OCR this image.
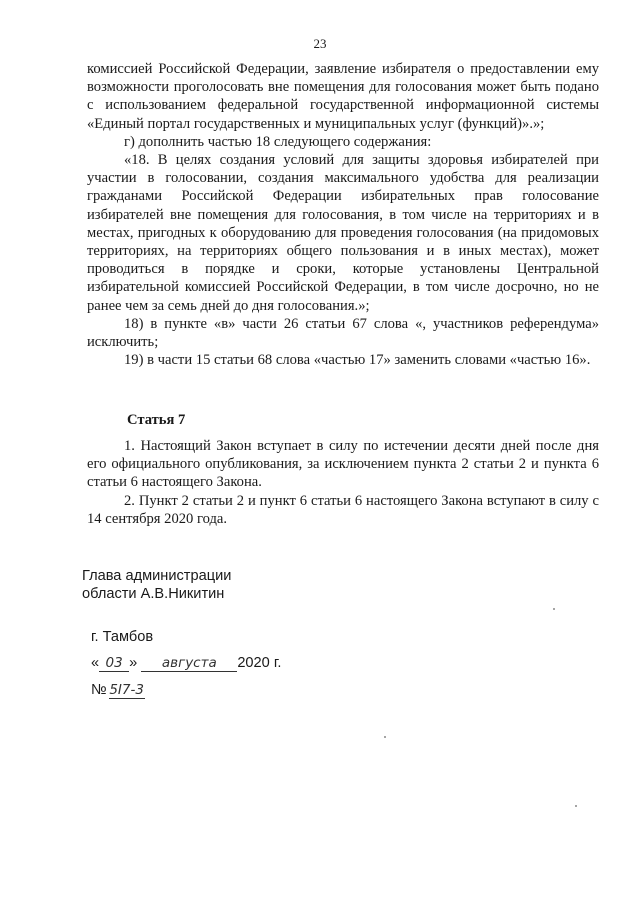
23

комиссией Российской Федерации, заявление избирателя о предоставлении ему возможности проголосовать вне помещения для голосования может быть подано с использованием федеральной государственной информационной системы «Единый портал государственных и муниципальных услуг (функций)».»;

г) дополнить частью 18 следующего содержания:

«18. В целях создания условий для защиты здоровья избирателей при участии в голосовании, создания максимального удобства для реализации гражданами Российской Федерации избирательных прав голосование избирателей вне помещения для голосования, в том числе на территориях и в местах, пригодных к оборудованию для проведения голосования (на придомовых территориях, на территориях общего пользования и в иных местах), может проводиться в порядке и сроки, которые установлены Центральной избирательной комиссией Российской Федерации, в том числе досрочно, но не ранее чем за семь дней до дня голосования.»;

18) в пункте «в» части 26 статьи 67 слова «, участников референдума» исключить;

19) в части 15 статьи 68 слова «частью 17» заменить словами «частью 16».

Статья 7

1. Настоящий Закон вступает в силу по истечении десяти дней после дня его официального опубликования, за исключением пункта 2 статьи 2 и пункта 6 статьи 6 настоящего Закона.

2. Пункт 2 статьи 2 и пункт 6 статьи 6 настоящего Закона вступают в силу с 14 сентября 2020 года.

Глава администрации
области А.В.Никитин
г. Тамбов
« 03 » августа 2020 г.
№ 5I7-3
